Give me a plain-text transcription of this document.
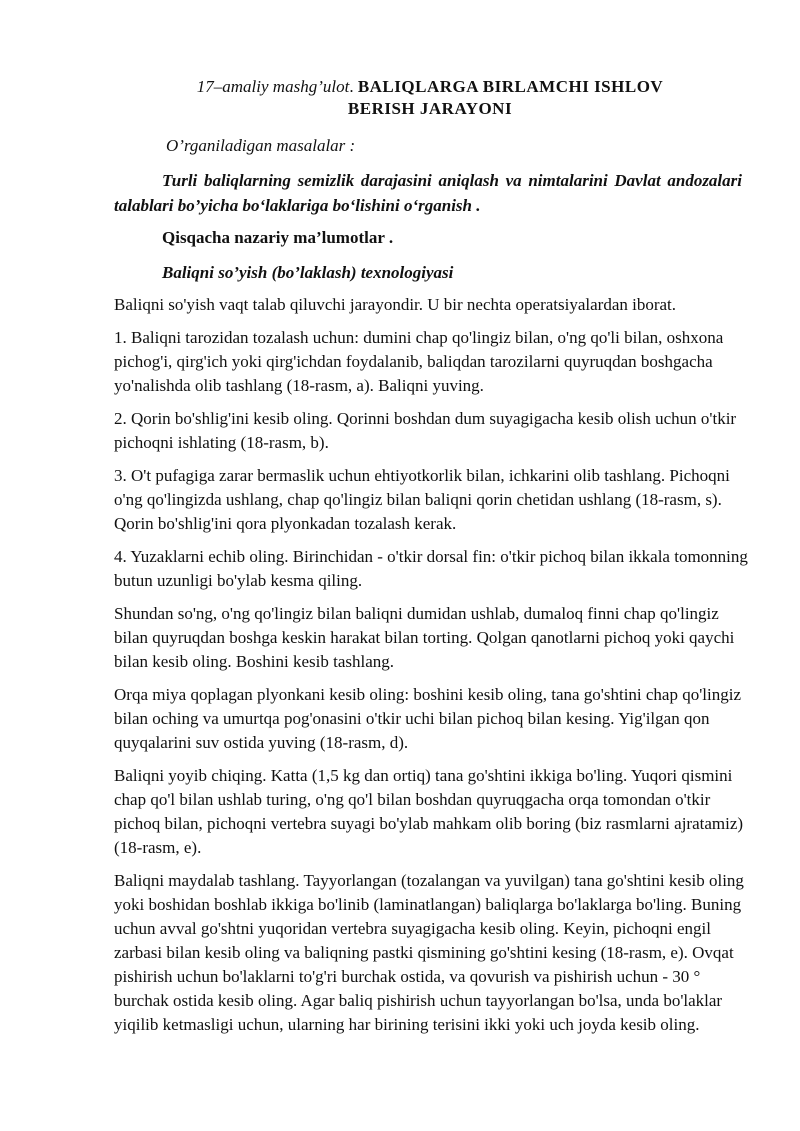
17–amaliy mashg’ulot. BALIQLARGA BIRLAMCHI ISHLOV
BERISH JARAYONI
O’rganiladigan masalalar :

Turli baliqlarning semizlik darajasini aniqlash va nimtalarini Davlat andozalari talablari bo’yicha bo‘laklariga bo‘lishini o‘rganish .

Qisqacha nazariy ma’lumotlar .
Baliqni so’yish (bo’laklash) texnologiyasi

Baliqni so'yish vaqt talab qiluvchi jarayondir. U bir nechta operatsiyalardan iborat.

1. Baliqni tarozidan tozalash uchun: dumini chap qo'lingiz bilan, o'ng qo'li bilan, oshxona pichog'i, qirg'ich yoki qirg'ichdan foydalanib, baliqdan tarozilarni quyruqdan boshgacha yo'nalishda olib tashlang (18-rasm, a). Baliqni yuving.

2. Qorin bo'shlig'ini kesib oling. Qorinni boshdan dum suyagigacha kesib olish uchun o'tkir pichoqni ishlating (18-rasm, b).

3. O't pufagiga zarar bermaslik uchun ehtiyotkorlik bilan, ichkarini olib tashlang. Pichoqni o'ng qo'lingizda ushlang, chap qo'lingiz bilan baliqni qorin chetidan ushlang (18-rasm, s). Qorin bo'shlig'ini qora plyonkadan tozalash kerak.

4. Yuzaklarni echib oling. Birinchidan - o'tkir dorsal fin: o'tkir pichoq bilan ikkala tomonning butun uzunligi bo'ylab kesma qiling.

Shundan so'ng, o'ng qo'lingiz bilan baliqni dumidan ushlab, dumaloq finni chap qo'lingiz bilan quyruqdan boshga keskin harakat bilan torting. Qolgan qanotlarni pichoq yoki qaychi bilan kesib oling. Boshini kesib tashlang.

Orqa miya qoplagan plyonkani kesib oling: boshini kesib oling, tana go'shtini chap qo'lingiz bilan oching va umurtqa pog'onasini o'tkir uchi bilan pichoq bilan kesing. Yig'ilgan qon quyqalarini suv ostida yuving (18-rasm, d).

Baliqni yoyib chiqing. Katta (1,5 kg dan ortiq) tana go'shtini ikkiga bo'ling. Yuqori qismini chap qo'l bilan ushlab turing, o'ng qo'l bilan boshdan quyruqgacha orqa tomondan o'tkir pichoq bilan, pichoqni vertebra suyagi bo'ylab mahkam olib boring (biz rasmlarni ajratamiz) (18-rasm, e).

Baliqni maydalab tashlang. Tayyorlangan (tozalangan va yuvilgan) tana go'shtini kesib oling yoki boshidan boshlab ikkiga bo'linib (laminatlangan) baliqlarga bo'laklarga bo'ling. Buning uchun avval go'shtni yuqoridan vertebra suyagigacha kesib oling. Keyin, pichoqni engil zarbasi bilan kesib oling va baliqning pastki qismining go'shtini kesing (18-rasm, e). Ovqat pishirish uchun bo'laklarni to'g'ri burchak ostida, va qovurish va pishirish uchun - 30 ° burchak ostida kesib oling. Agar baliq pishirish uchun tayyorlangan bo'lsa, unda bo'laklar yiqilib ketmasligi uchun, ularning har birining terisini ikki yoki uch joyda kesib oling.
